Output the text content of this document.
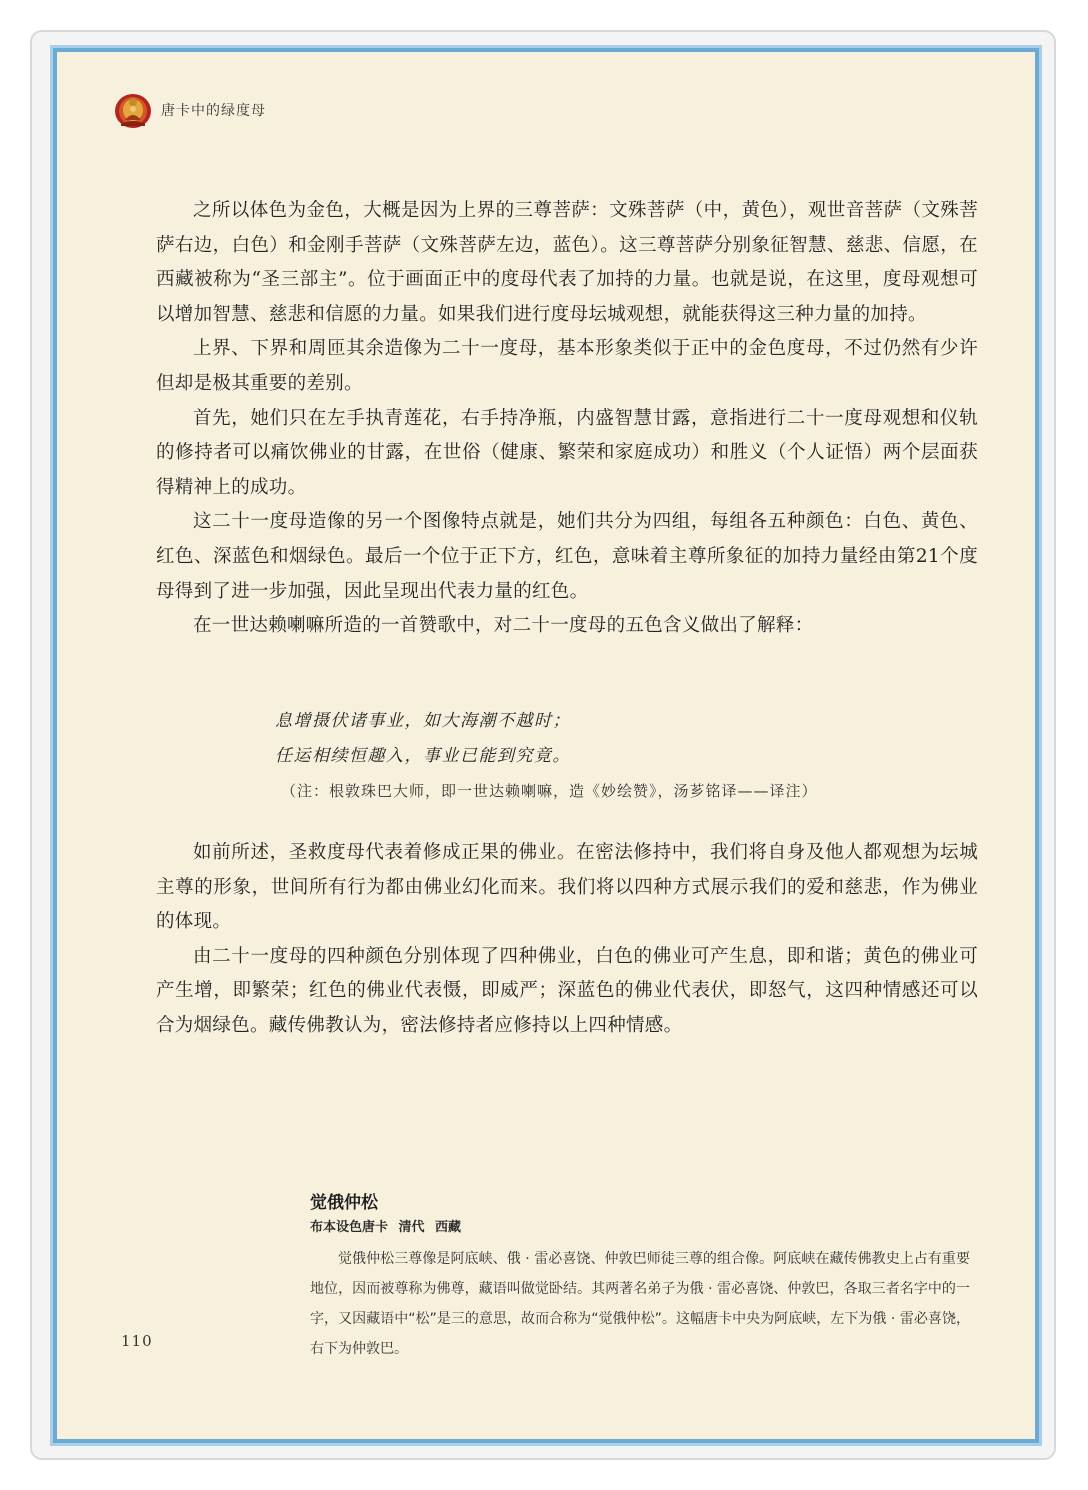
唐卡中的绿度母

之所以体色为金色，大概是因为上界的三尊菩萨：文殊菩萨（中，黄色），观世音菩萨（文殊菩萨右边，白色）和金刚手菩萨（文殊菩萨左边，蓝色）。这三尊菩萨分别象征智慧、慈悲、信愿，在西藏被称为“圣三部主”。位于画面正中的度母代表了加持的力量。也就是说，在这里，度母观想可以增加智慧、慈悲和信愿的力量。如果我们进行度母坛城观想，就能获得这三种力量的加持。

上界、下界和周匝其余造像为二十一度母，基本形象类似于正中的金色度母，不过仍然有少许但却是极其重要的差别。

首先，她们只在左手执青莲花，右手持净瓶，内盛智慧甘露，意指进行二十一度母观想和仪轨的修持者可以痛饮佛业的甘露，在世俗（健康、繁荣和家庭成功）和胜义（个人证悟）两个层面获得精神上的成功。

这二十一度母造像的另一个图像特点就是，她们共分为四组，每组各五种颜色：白色、黄色、红色、深蓝色和烟绿色。最后一个位于正下方，红色，意味着主尊所象征的加持力量经由第21个度母得到了进一步加强，因此呈现出代表力量的红色。

在一世达赖喇嘛所造的一首赞歌中，对二十一度母的五色含义做出了解释：

息增摄伏诸事业，如大海潮不越时；
任运相续恒趣入，事业已能到究竟。
（注：根敦珠巴大师，即一世达赖喇嘛，造《妙绘赞》，汤芗铭译——译注）

如前所述，圣救度母代表着修成正果的佛业。在密法修持中，我们将自身及他人都观想为坛城主尊的形象，世间所有行为都由佛业幻化而来。我们将以四种方式展示我们的爱和慈悲，作为佛业的体现。

由二十一度母的四种颜色分别体现了四种佛业，白色的佛业可产生息，即和谐；黄色的佛业可产生增，即繁荣；红色的佛业代表慑，即威严；深蓝色的佛业代表伏，即怒气，这四种情感还可以合为烟绿色。藏传佛教认为，密法修持者应修持以上四种情感。

觉俄仲松
布本设色唐卡 清代 西藏

觉俄仲松三尊像是阿底峡、俄 · 雷必喜饶、仲敦巴师徒三尊的组合像。阿底峡在藏传佛教史上占有重要地位，因而被尊称为佛尊，藏语叫做觉卧结。其两著名弟子为俄 · 雷必喜饶、仲敦巴，各取三者名字中的一字，又因藏语中“松”是三的意思，故而合称为“觉俄仲松”。这幅唐卡中央为阿底峡，左下为俄 · 雷必喜饶，右下为仲敦巴。

110
